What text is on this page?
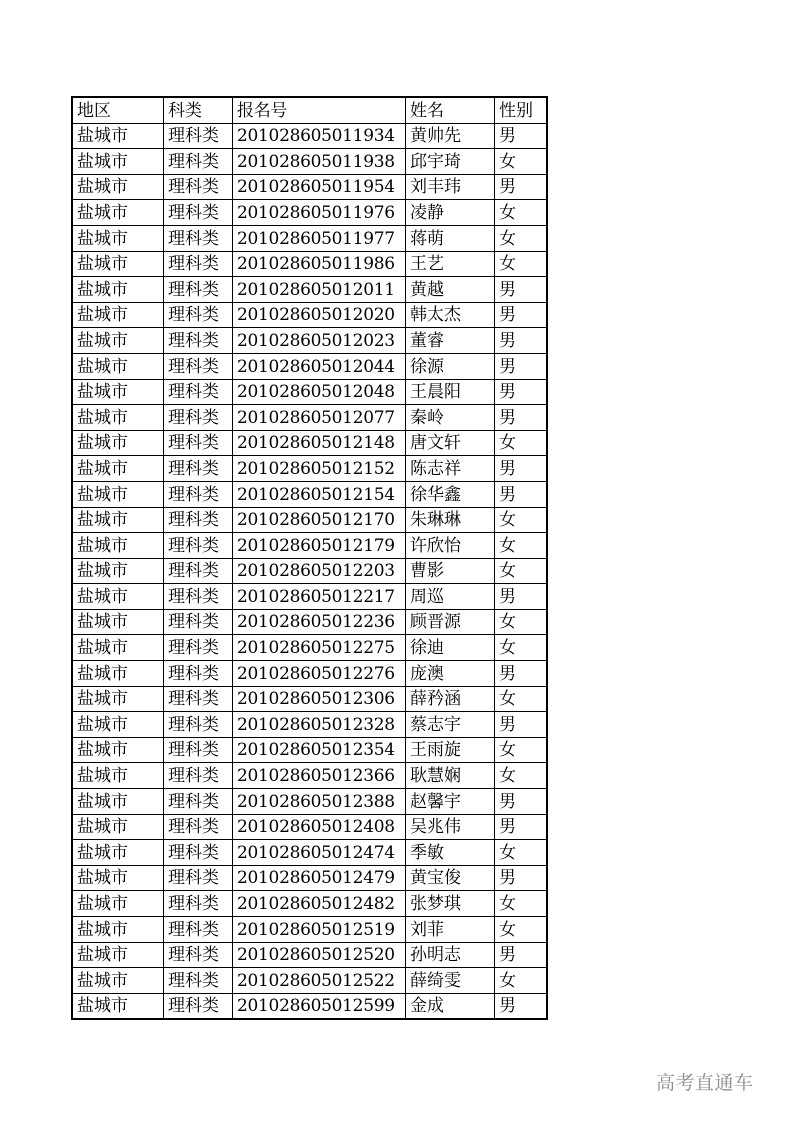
地区	科类	报名号	姓名	性别
盐城市	理科类	201028605011934	黄帅先	男
盐城市	理科类	201028605011938	邱宇琦	女
盐城市	理科类	201028605011954	刘丰玮	男
盐城市	理科类	201028605011976	凌静	女
盐城市	理科类	201028605011977	蒋萌	女
盐城市	理科类	201028605011986	王艺	女
盐城市	理科类	201028605012011	黄越	男
盐城市	理科类	201028605012020	韩太杰	男
盐城市	理科类	201028605012023	董睿	男
盐城市	理科类	201028605012044	徐源	男
盐城市	理科类	201028605012048	王晨阳	男
盐城市	理科类	201028605012077	秦岭	男
盐城市	理科类	201028605012148	唐文轩	女
盐城市	理科类	201028605012152	陈志祥	男
盐城市	理科类	201028605012154	徐华鑫	男
盐城市	理科类	201028605012170	朱琳琳	女
盐城市	理科类	201028605012179	许欣怡	女
盐城市	理科类	201028605012203	曹影	女
盐城市	理科类	201028605012217	周巡	男
盐城市	理科类	201028605012236	顾晋源	女
盐城市	理科类	201028605012275	徐迪	女
盐城市	理科类	201028605012276	庞澳	男
盐城市	理科类	201028605012306	薛矜涵	女
盐城市	理科类	201028605012328	蔡志宇	男
盐城市	理科类	201028605012354	王雨旋	女
盐城市	理科类	201028605012366	耿慧娴	女
盐城市	理科类	201028605012388	赵馨宇	男
盐城市	理科类	201028605012408	吴兆伟	男
盐城市	理科类	201028605012474	季敏	女
盐城市	理科类	201028605012479	黄宝俊	男
盐城市	理科类	201028605012482	张梦琪	女
盐城市	理科类	201028605012519	刘菲	女
盐城市	理科类	201028605012520	孙明志	男
盐城市	理科类	201028605012522	薛绮雯	女
盐城市	理科类	201028605012599	金成	男
高考直通车
